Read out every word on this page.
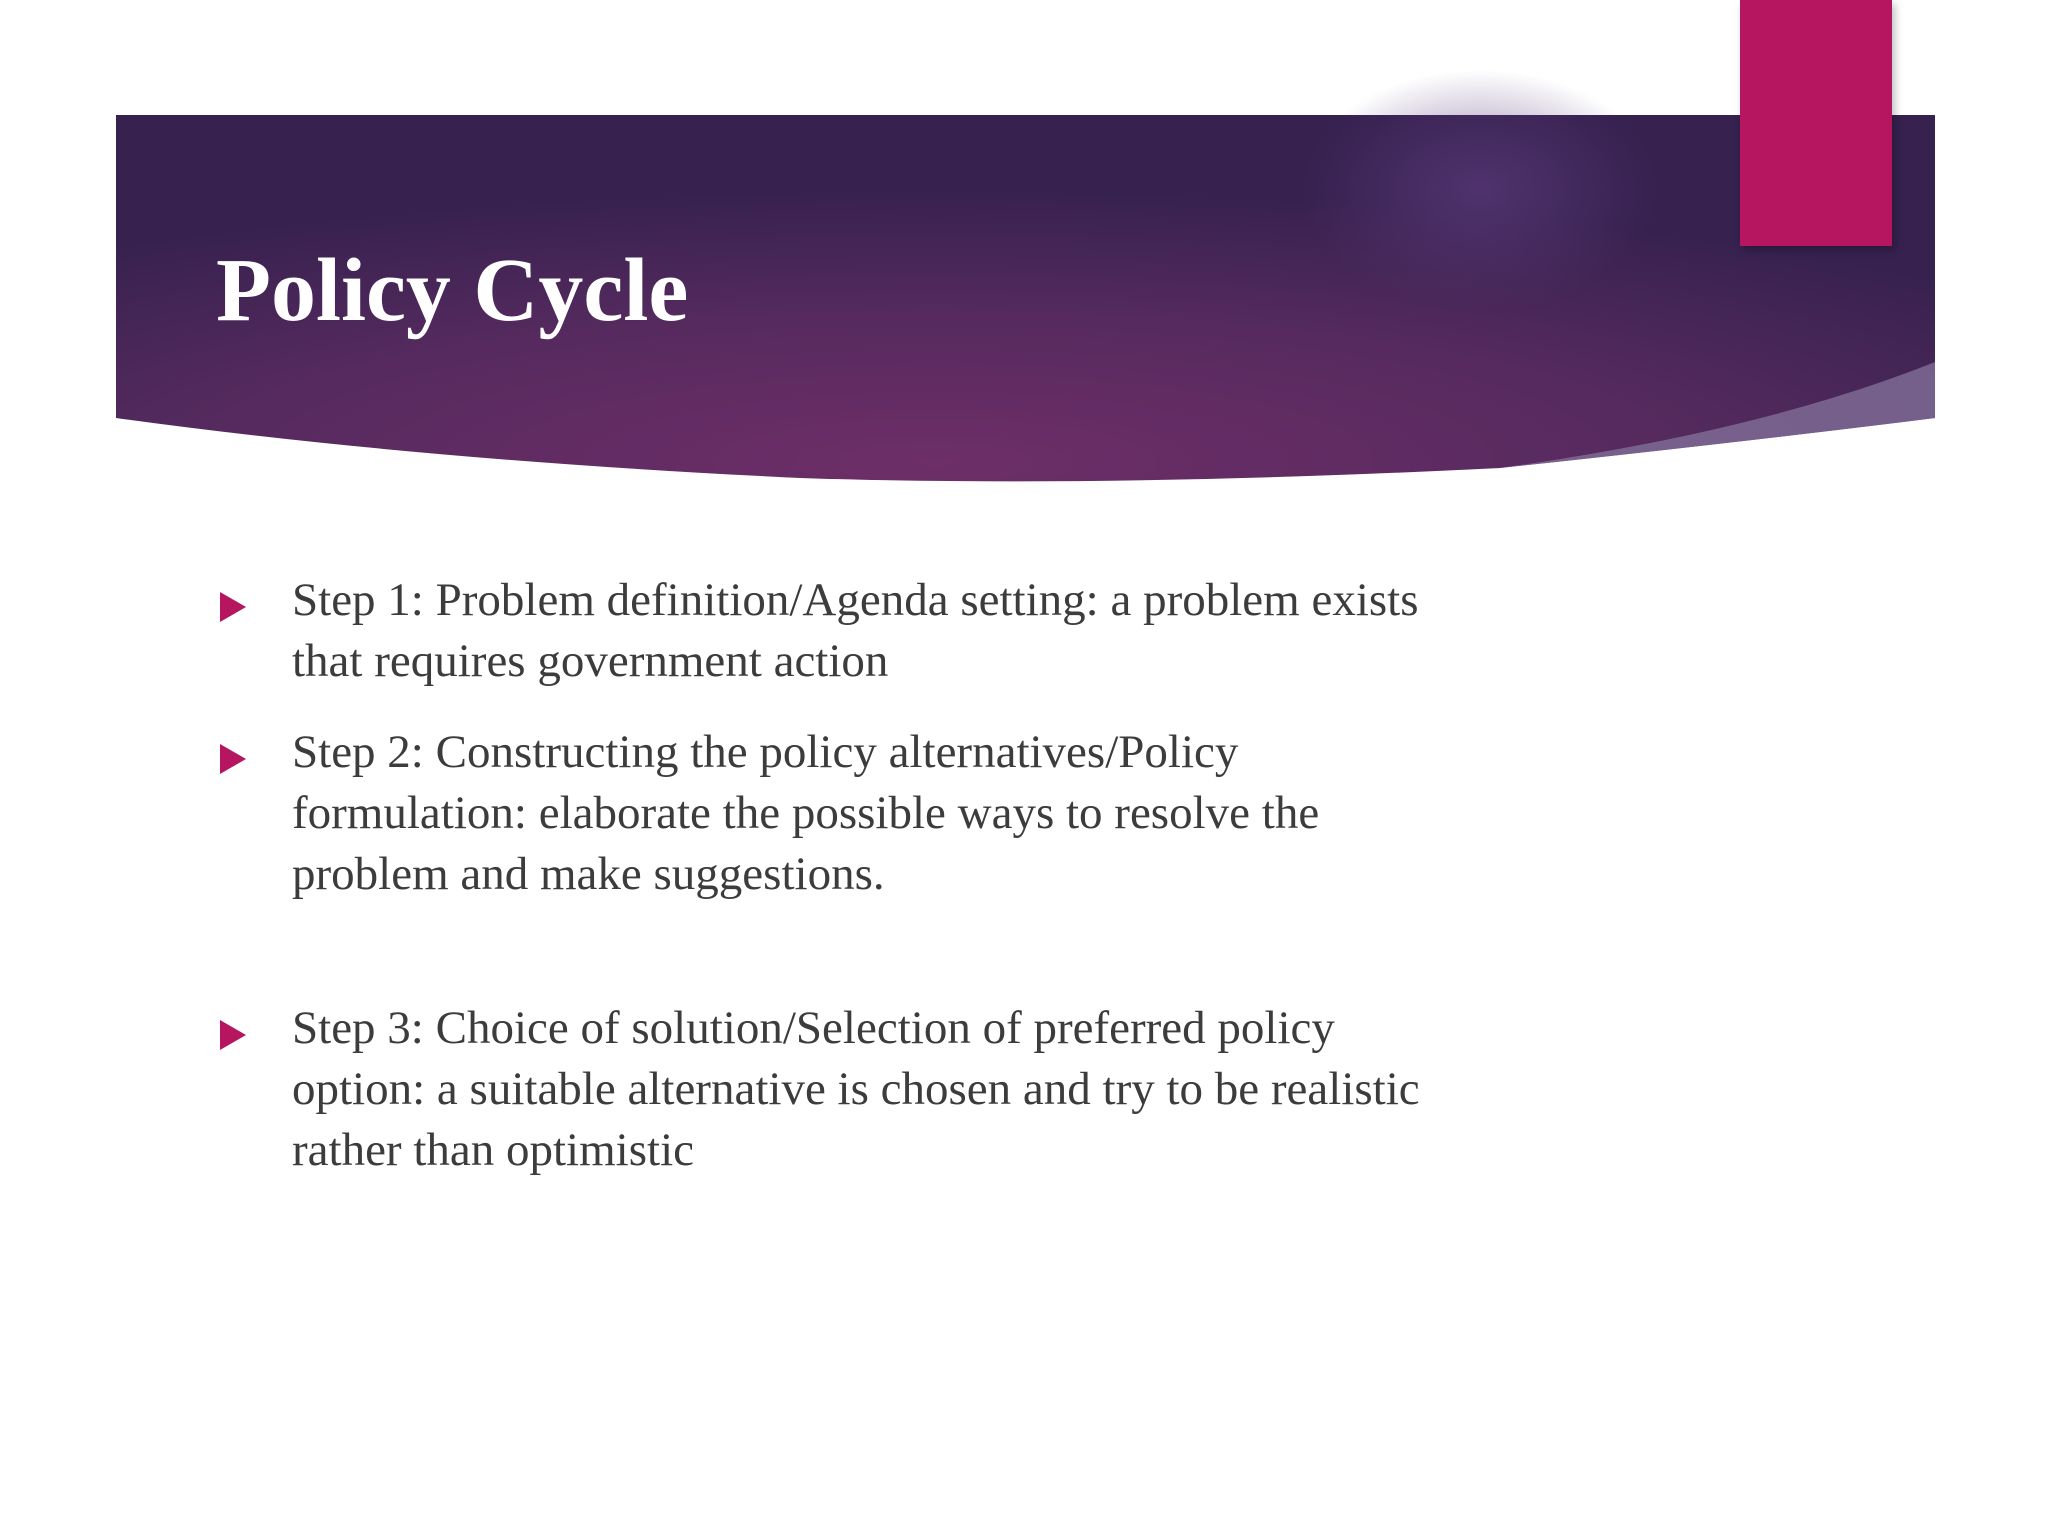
Policy Cycle
Step 1: Problem definition/Agenda setting: a problem exists
that requires government action
Step 2: Constructing the policy alternatives/Policy
formulation: elaborate the possible ways to resolve the
problem and make suggestions.
Step 3: Choice of solution/Selection of preferred policy
option: a suitable alternative is chosen and try to be realistic
rather than optimistic
